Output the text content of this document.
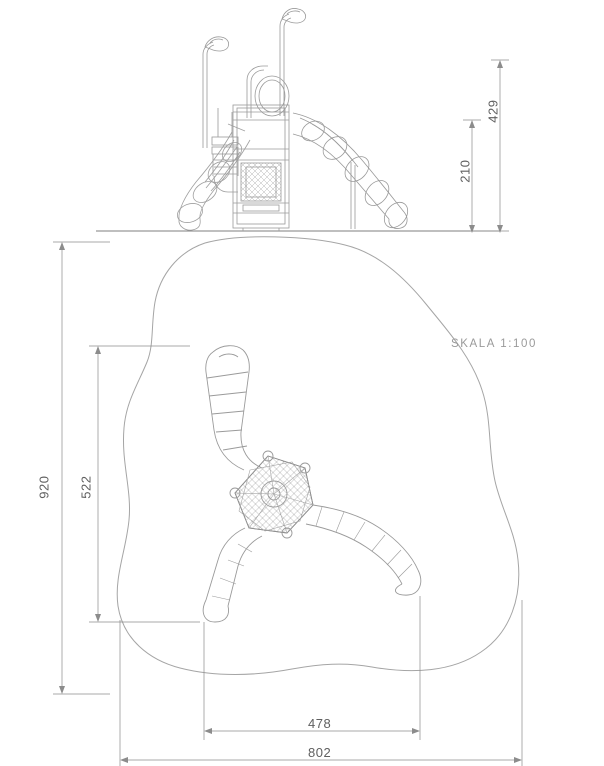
429
210
920	522
478
802
SKALA 1:100
